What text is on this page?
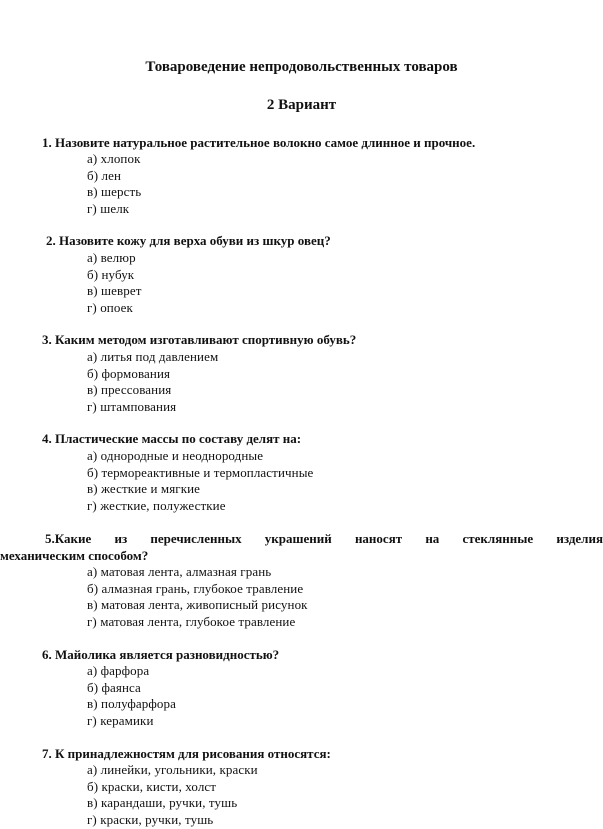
Товароведение непродовольственных товаров
2 Вариант

1. Назовите натуральное растительное волокно самое длинное и прочное.

а) хлопок

б) лен

в) шерсть

г) шелк

2. Назовите кожу для верха обуви из шкур овец?

а) велюр

б) нубук

в) шеврет

г) опоек

3. Каким методом изготавливают спортивную обувь?

а) литья под давлением

б) формования

в) прессования

г) штампования

4. Пластические массы по составу делят на:

а) однородные и неоднородные

б) термореактивные и термопластичные

в) жесткие и мягкие

г) жесткие, полужесткие

5.Какие из перечисленных украшений наносят на стеклянные изделия
механическим способом?

а) матовая лента, алмазная грань

б) алмазная грань, глубокое травление

в) матовая лента, живописный рисунок

г) матовая лента, глубокое травление

6. Майолика является разновидностью?

а) фарфора

б) фаянса

в) полуфарфора

г) керамики

7. К принадлежностям для рисования относятся:

а) линейки, угольники, краски

б) краски, кисти, холст

в) карандаши, ручки, тушь

г) краски, ручки, тушь
